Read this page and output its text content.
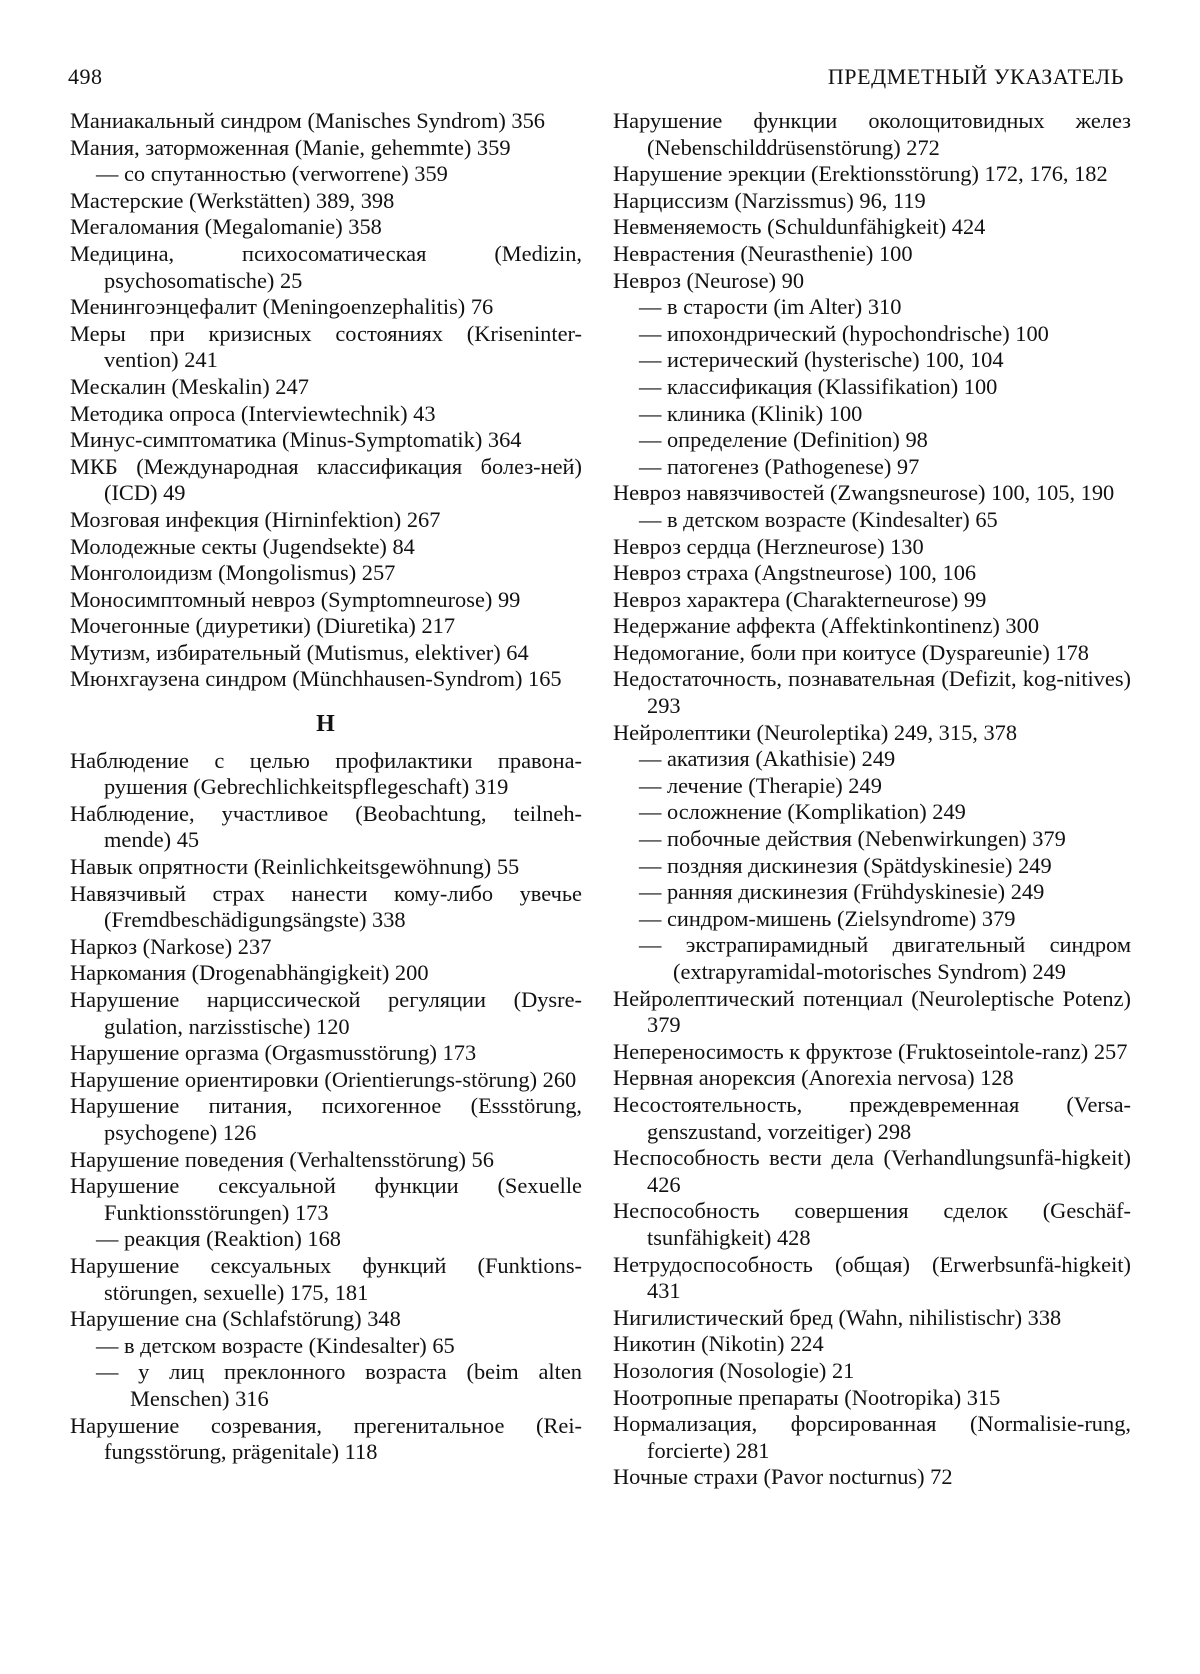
498	ПРЕДМЕТНЫЙ УКАЗАТЕЛЬ
Маниакальный синдром (Manisches Syndrom) 356
Мания, заторможенная (Manie, gehemmte) 359
— со спутанностью (verworrene) 359
Мастерские (Werkstätten) 389, 398
Мегаломания (Megalomanie) 358
Медицина, психосоматическая (Medizin, psychosomatische) 25
Менингоэнцефалит (Meningoenzephalitis) 76
Меры при кризисных состояниях (Kriseninter-vention) 241
Мескалин (Meskalin) 247
Методика опроса (Interviewtechnik) 43
Минус-симптоматика (Minus-Symptomatik) 364
МКБ (Международная классификация болез-ней) (ICD) 49
Мозговая инфекция (Hirninfektion) 267
Молодежные секты (Jugendsekte) 84
Монголоидизм (Mongolismus) 257
Моносимптомный невроз (Symptomneurose) 99
Мочегонные (диуретики) (Diuretika) 217
Мутизм, избирательный (Mutismus, elektiver) 64
Мюнхгаузена синдром (Münchhausen-Syndrom) 165
Н
Наблюдение с целью профилактики правона-рушения (Gebrechlichkeitspflegeschaft) 319
Наблюдение, участливое (Beobachtung, teilneh-mende) 45
Навык опрятности (Reinlichkeitsgewöhnung) 55
Навязчивый страх нанести кому-либо увечье (Fremdbeschädigungsängste) 338
Наркоз (Narkose) 237
Наркомания (Drogenabhängigkeit) 200
Нарушение нарциссической регуляции (Dysre-gulation, narzisstische) 120
Нарушение оргазма (Orgasmusstörung) 173
Нарушение ориентировки (Orientierungs-störung) 260
Нарушение питания, психогенное (Essstörung, psychogene) 126
Нарушение поведения (Verhaltensstörung) 56
Нарушение сексуальной функции (Sexuelle Funktionsstörungen) 173
— реакция (Reaktion) 168
Нарушение сексуальных функций (Funktions-störungen, sexuelle) 175, 181
Нарушение сна (Schlafstörung) 348
— в детском возрасте (Kindesalter) 65
— у лиц преклонного возраста (beim alten Menschen) 316
Нарушение созревания, прегенитальное (Rei-fungsstörung, prägenitale) 118
Нарушение функции околощитовидных желез (Nebenschilddrüsenstörung) 272
Нарушение эрекции (Erektionsstörung) 172, 176, 182
Нарциссизм (Narzissmus) 96, 119
Невменяемость (Schuldunfähigkeit) 424
Неврастения (Neurasthenie) 100
Невроз (Neurose) 90
— в старости (im Alter) 310
— ипохондрический (hypochondrische) 100
— истерический (hysterische) 100, 104
— классификация (Klassifikation) 100
— клиника (Klinik) 100
— определение (Definition) 98
— патогенез (Pathogenese) 97
Невроз навязчивостей (Zwangsneurose) 100, 105, 190
— в детском возрасте (Kindesalter) 65
Невроз сердца (Herzneurose) 130
Невроз страха (Angstneurose) 100, 106
Невроз характера (Charakterneurose) 99
Недержание аффекта (Affektinkontinenz) 300
Недомогание, боли при коитусе (Dyspareunie) 178
Недостаточность, познавательная (Defizit, kog-nitives) 293
Нейролептики (Neuroleptika) 249, 315, 378
— акатизия (Akathisie) 249
— лечение (Therapie) 249
— осложнение (Komplikation) 249
— побочные действия (Nebenwirkungen) 379
— поздняя дискинезия (Spätdyskinesie) 249
— ранняя дискинезия (Frühdyskinesie) 249
— синдром-мишень (Zielsyndrome) 379
— экстрапирамидный двигательный синдром (extrapyramidal-motorisches Syndrom) 249
Нейролептический потенциал (Neuroleptische Potenz) 379
Непереносимость к фруктозе (Fruktoseintole-ranz) 257
Нервная анорексия (Anorexia nervosa) 128
Несостоятельность, преждевременная (Versa-genszustand, vorzeitiger) 298
Неспособность вести дела (Verhandlungsunfä-higkeit) 426
Неспособность совершения сделок (Geschäf-tsunfähigkeit) 428
Нетрудоспособность (общая) (Erwerbsunfä-higkeit) 431
Нигилистический бред (Wahn, nihilistischr) 338
Никотин (Nikotin) 224
Нозология (Nosologie) 21
Ноотропные препараты (Nootropika) 315
Нормализация, форсированная (Normalisie-rung, forcierte) 281
Ночные страхи (Pavor nocturnus) 72
